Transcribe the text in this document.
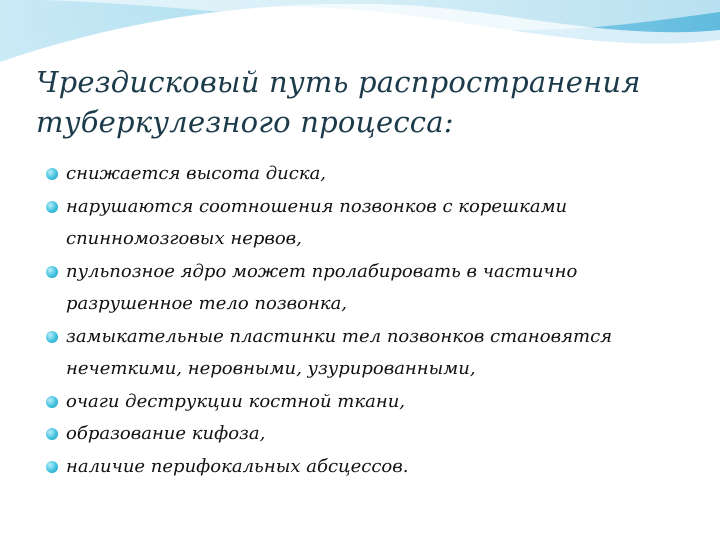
Чрездисковый путь распространения
туберкулезного процесса:
снижается высота диска,
нарушаются соотношения позвонков с корешками
спинномозговых нервов,
пульпозное ядро может пролабировать в частично
разрушенное тело позвонка,
замыкательные пластинки тел позвонков становятся
нечеткими, неровными, узурированными,
очаги деструкции костной ткани,
образование кифоза,
наличие перифокальных абсцессов.
